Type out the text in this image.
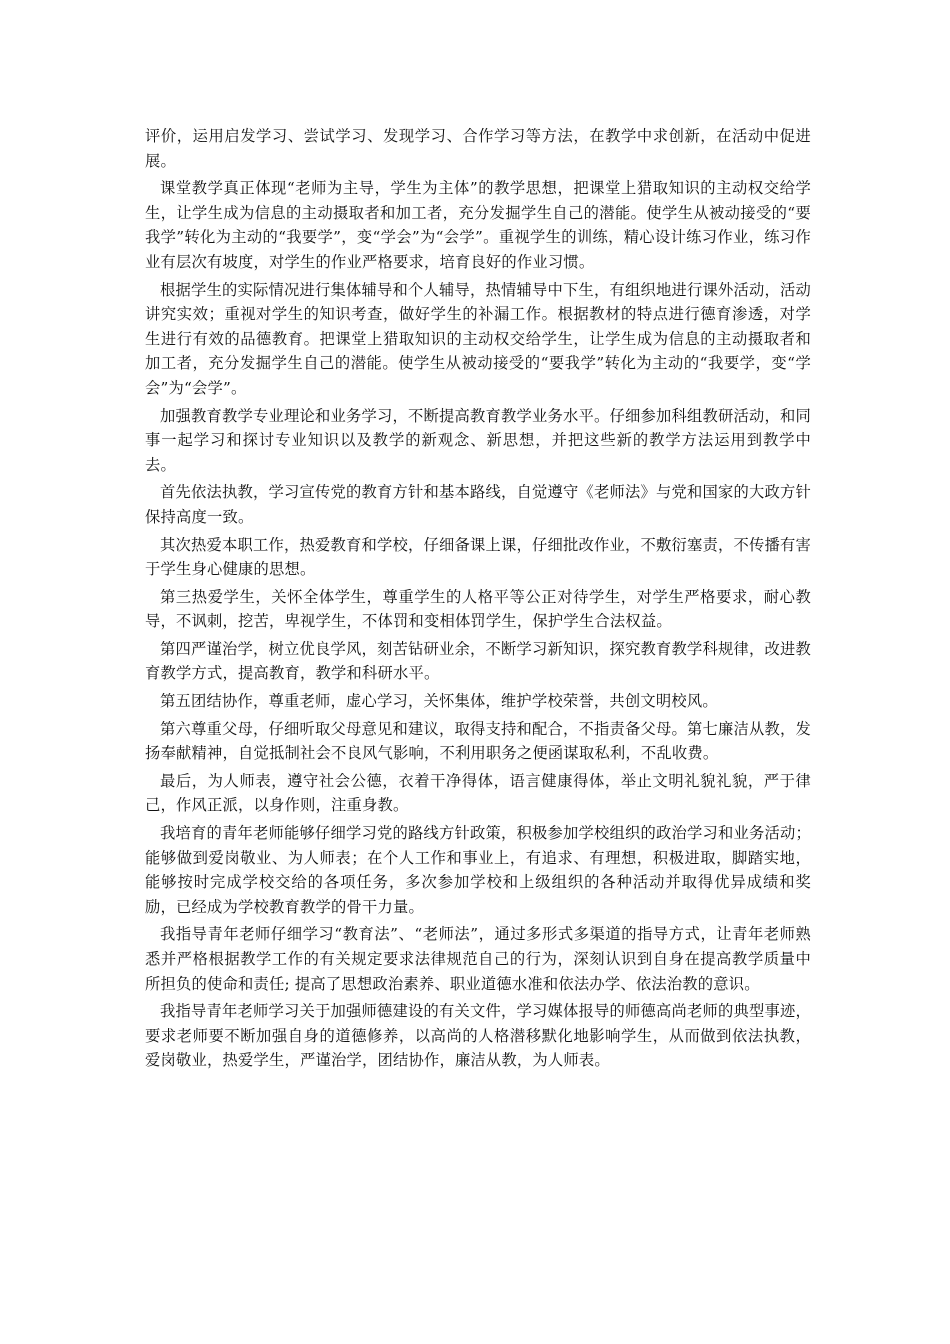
评价，运用启发学习、尝试学习、发现学习、合作学习等方法，在教学中求创新，在活动中促进展。

课堂教学真正体现“老师为主导，学生为主体”的教学思想，把课堂上猎取知识的主动权交给学生，让学生成为信息的主动摄取者和加工者，充分发掘学生自己的潜能。使学生从被动接受的“要我学”转化为主动的“我要学”，变“学会”为“会学”。重视学生的训练，精心设计练习作业，练习作业有层次有坡度，对学生的作业严格要求，培育良好的作业习惯。

根据学生的实际情况进行集体辅导和个人辅导，热情辅导中下生，有组织地进行课外活动，活动讲究实效；重视对学生的知识考查，做好学生的补漏工作。根据教材的特点进行德育渗透，对学生进行有效的品德教育。把课堂上猎取知识的主动权交给学生，让学生成为信息的主动摄取者和加工者，充分发掘学生自己的潜能。使学生从被动接受的“要我学”转化为主动的“我要学，变“学会”为“会学”。

加强教育教学专业理论和业务学习，不断提高教育教学业务水平。仔细参加科组教研活动，和同事一起学习和探讨专业知识以及教学的新观念、新思想，并把这些新的教学方法运用到教学中去。

首先依法执教，学习宣传党的教育方针和基本路线，自觉遵守《老师法》与党和国家的大政方针保持高度一致。

其次热爱本职工作，热爱教育和学校，仔细备课上课，仔细批改作业，不敷衍塞责，不传播有害于学生身心健康的思想。

第三热爱学生，关怀全体学生，尊重学生的人格平等公正对待学生，对学生严格要求，耐心教导，不讽刺，挖苦，卑视学生，不体罚和变相体罚学生，保护学生合法权益。

第四严谨治学，树立优良学风，刻苦钻研业余，不断学习新知识，探究教育教学科规律，改进教育教学方式，提高教育，教学和科研水平。

第五团结协作，尊重老师，虚心学习，关怀集体，维护学校荣誉，共创文明校风。

第六尊重父母，仔细听取父母意见和建议，取得支持和配合，不指责备父母。第七廉洁从教，发扬奉献精神，自觉抵制社会不良风气影响，不利用职务之便函谋取私利，不乱收费。

最后，为人师表，遵守社会公德，衣着干净得体，语言健康得体，举止文明礼貌礼貌，严于律己，作风正派，以身作则，注重身教。

我培育的青年老师能够仔细学习党的路线方针政策，积极参加学校组织的政治学习和业务活动；能够做到爱岗敬业、为人师表；在个人工作和事业上，有追求、有理想，积极进取，脚踏实地，能够按时完成学校交给的各项任务，多次参加学校和上级组织的各种活动并取得优异成绩和奖励，已经成为学校教育教学的骨干力量。

我指导青年老师仔细学习“教育法”、“老师法”，通过多形式多渠道的指导方式，让青年老师熟悉并严格根据教学工作的有关规定要求法律规范自己的行为，深刻认识到自身在提高教学质量中所担负的使命和责任; 提高了思想政治素养、职业道德水准和依法办学、依法治教的意识。

我指导青年老师学习关于加强师德建设的有关文件，学习媒体报导的师德高尚老师的典型事迹，要求老师要不断加强自身的道德修养，以高尚的人格潜移默化地影响学生，从而做到依法执教，爱岗敬业，热爱学生，严谨治学，团结协作，廉洁从教，为人师表。
